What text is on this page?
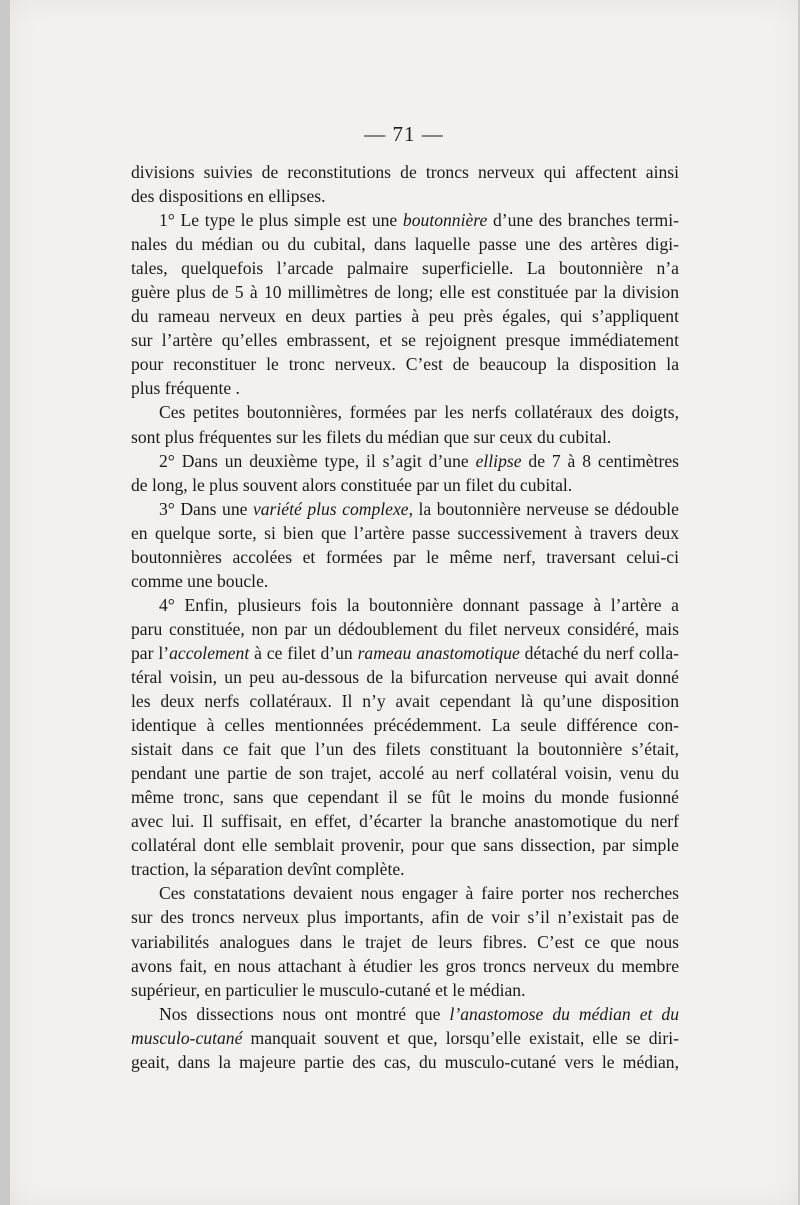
— 71 —
divisions suivies de reconstitutions de troncs nerveux qui affectent ainsi
des dispositions en ellipses.
1° Le type le plus simple est une boutonnière d’une des branches termi-
nales du médian ou du cubital, dans laquelle passe une des artères digi-
tales, quelquefois l’arcade palmaire superficielle. La boutonnière n’a
guère plus de 5 à 10 millimètres de long; elle est constituée par la division
du rameau nerveux en deux parties à peu près égales, qui s’appliquent
sur l’artère qu’elles embrassent, et se rejoignent presque immédiatement
pour reconstituer le tronc nerveux. C’est de beaucoup la disposition la
plus fréquente .
Ces petites boutonnières, formées par les nerfs collatéraux des doigts,
sont plus fréquentes sur les filets du médian que sur ceux du cubital.
2° Dans un deuxième type, il s’agit d’une ellipse de 7 à 8 centimètres
de long, le plus souvent alors constituée par un filet du cubital.
3° Dans une variété plus complexe, la boutonnière nerveuse se dédouble
en quelque sorte, si bien que l’artère passe successivement à travers deux
boutonnières accolées et formées par le même nerf, traversant celui-ci
comme une boucle.
4° Enfin, plusieurs fois la boutonnière donnant passage à l’artère a
paru constituée, non par un dédoublement du filet nerveux considéré, mais
par l’accolement à ce filet d’un rameau anastomotique détaché du nerf colla-
téral voisin, un peu au-dessous de la bifurcation nerveuse qui avait donné
les deux nerfs collatéraux. Il n’y avait cependant là qu’une disposition
identique à celles mentionnées précédemment. La seule différence con-
sistait dans ce fait que l’un des filets constituant la boutonnière s’était,
pendant une partie de son trajet, accolé au nerf collatéral voisin, venu du
même tronc, sans que cependant il se fût le moins du monde fusionné
avec lui. Il suffisait, en effet, d’écarter la branche anastomotique du nerf
collatéral dont elle semblait provenir, pour que sans dissection, par simple
traction, la séparation devînt complète.
Ces constatations devaient nous engager à faire porter nos recherches
sur des troncs nerveux plus importants, afin de voir s’il n’existait pas de
variabilités analogues dans le trajet de leurs fibres. C’est ce que nous
avons fait, en nous attachant à étudier les gros troncs nerveux du membre
supérieur, en particulier le musculo-cutané et le médian.
Nos dissections nous ont montré que l’anastomose du médian et du
musculo-cutané manquait souvent et que, lorsqu’elle existait, elle se diri-
geait, dans la majeure partie des cas, du musculo-cutané vers le médian,
